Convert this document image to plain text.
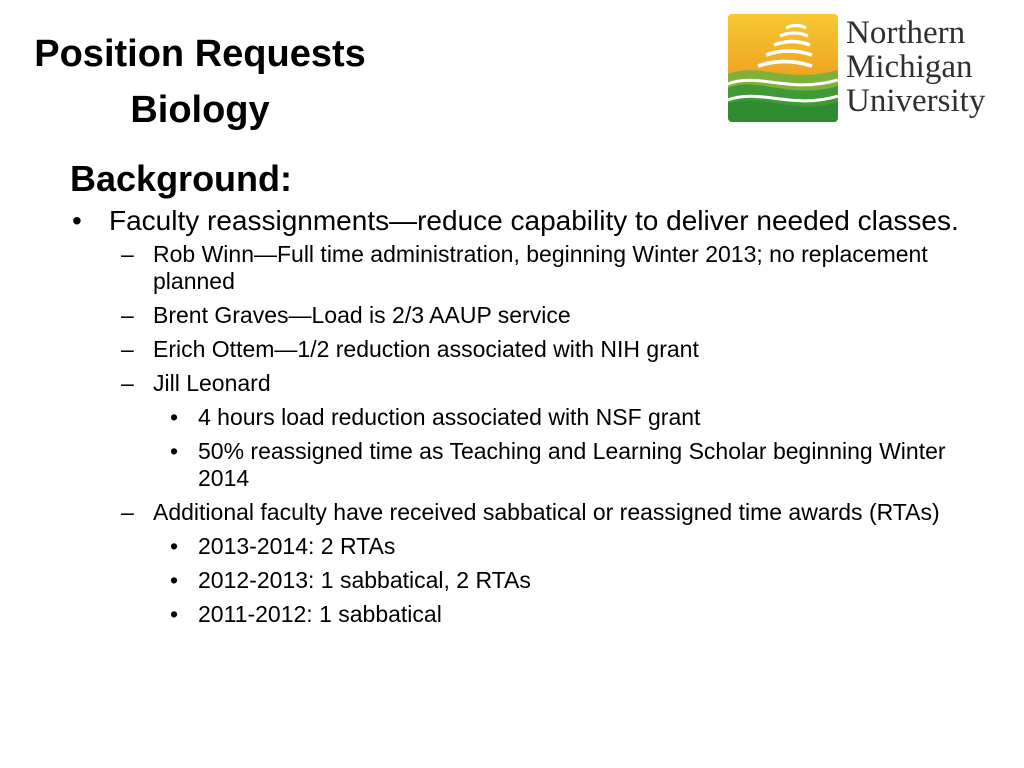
Position Requests
Biology
Northern
Michigan
University
Background:
• Faculty reassignments—reduce capability to deliver needed classes.
– Rob Winn—Full time administration, beginning Winter 2013; no replacement planned
– Brent Graves—Load is 2/3 AAUP service
– Erich Ottem—1/2 reduction associated with NIH grant
– Jill Leonard
• 4 hours load reduction associated with NSF grant
• 50% reassigned time as Teaching and Learning Scholar beginning Winter 2014
– Additional faculty have received sabbatical or reassigned time awards (RTAs)
• 2013-2014: 2 RTAs
• 2012-2013: 1 sabbatical, 2 RTAs
• 2011-2012: 1 sabbatical
